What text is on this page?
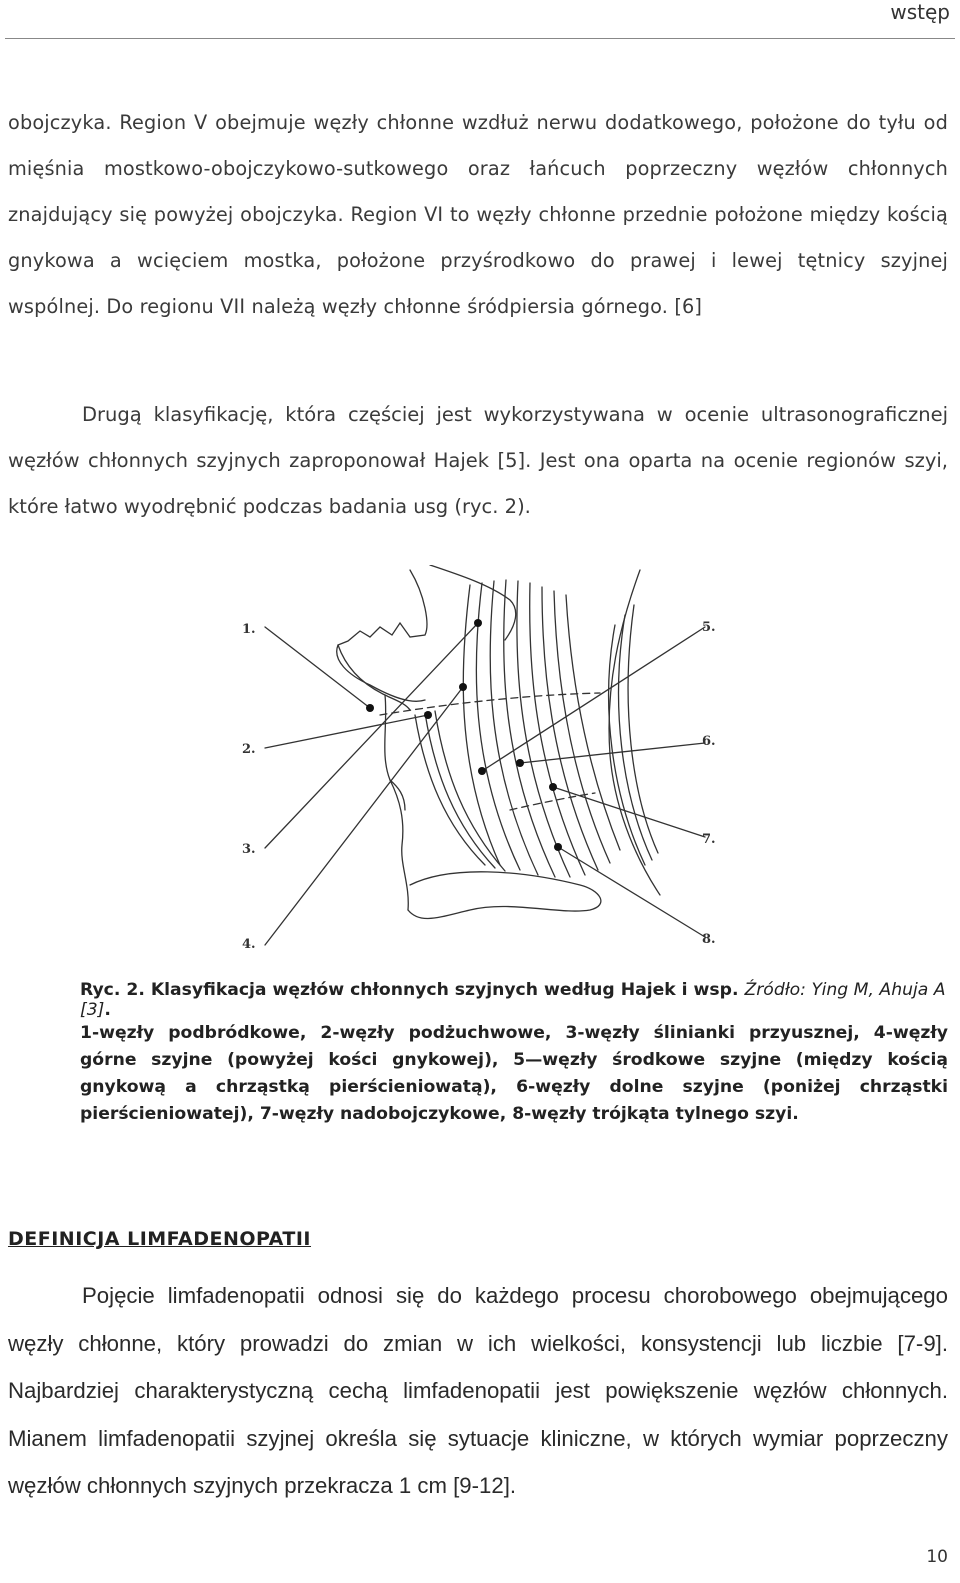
wstęp

obojczyka. Region V obejmuje węzły chłonne wzdłuż nerwu dodatkowego, położone do tyłu od mięśnia mostkowo-obojczykowo-sutkowego oraz łańcuch poprzeczny węzłów chłonnych znajdujący się powyżej obojczyka. Region VI to węzły chłonne przednie położone między kością gnykowa a wcięciem mostka, położone przyśrodkowo do prawej i lewej tętnicy szyjnej wspólnej. Do regionu VII należą węzły chłonne śródpiersia górnego. [6]

Drugą klasyfikację, która częściej jest wykorzystywana w ocenie ultrasonograficznej węzłów chłonnych szyjnych zaproponował Hajek [5]. Jest ona oparta na ocenie regionów szyi, które łatwo wyodrębnić podczas badania usg (ryc. 2).

1.
2.
3.
4.
5.
6.
7.
8.
Ryc. 2. Klasyfikacja węzłów chłonnych szyjnych według Hajek i wsp. Źródło: Ying M, Ahuja A [3].
1-węzły podbródkowe, 2-węzły podżuchwowe, 3-węzły ślinianki przyusznej, 4-węzły górne szyjne (powyżej kości gnykowej), 5—węzły środkowe szyjne (między kością gnykową a chrząstką pierścieniowatą), 6-węzły dolne szyjne (poniżej chrząstki pierścieniowatej), 7-węzły nadobojczykowe, 8-węzły trójkąta tylnego szyi.
DEFINICJA LIMFADENOPATII

Pojęcie limfadenopatii odnosi się do każdego procesu chorobowego obejmującego węzły chłonne, który prowadzi do zmian w ich wielkości, konsystencji lub liczbie [7-9]. Najbardziej charakterystyczną cechą limfadenopatii jest powiększenie węzłów chłonnych. Mianem limfadenopatii szyjnej określa się sytuacje kliniczne, w których wymiar poprzeczny węzłów chłonnych szyjnych przekracza 1 cm [9-12].

10
